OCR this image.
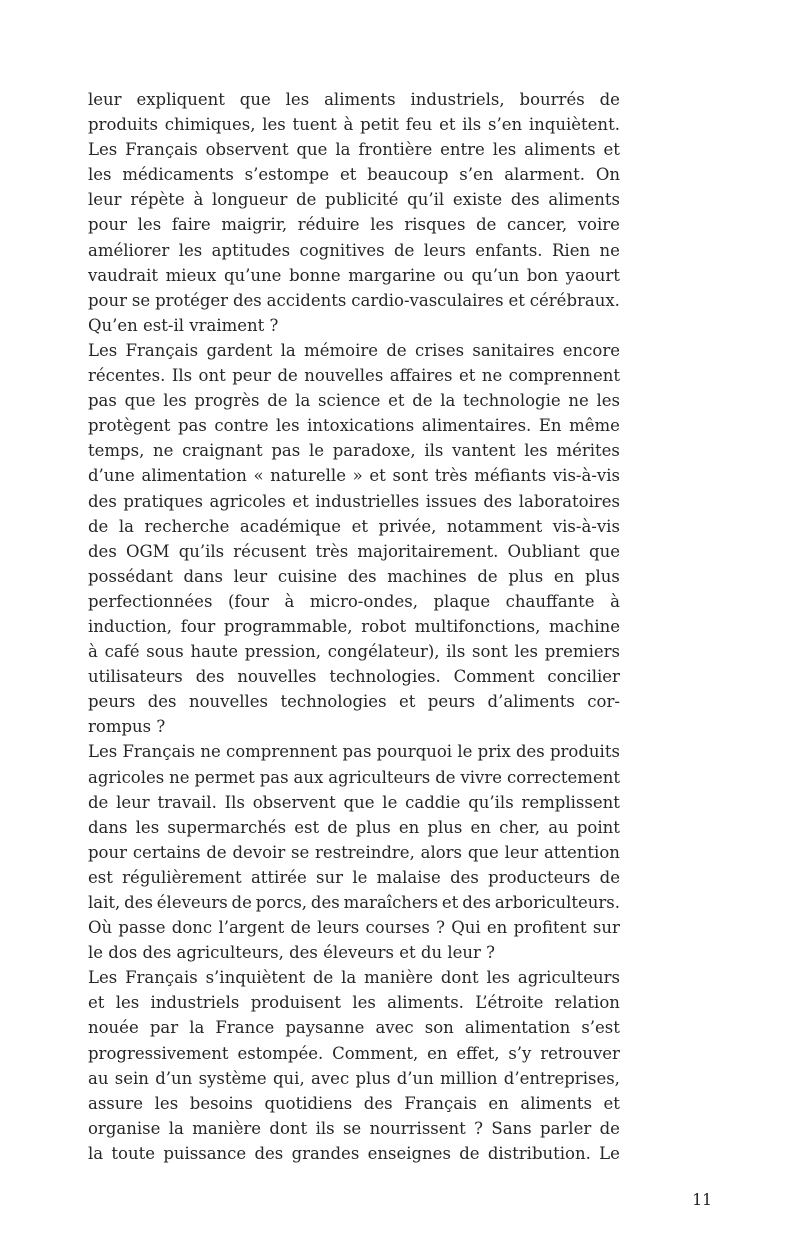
leur expliquent que les aliments industriels, bourrés de
produits chimiques, les tuent à petit feu et ils s’en inquiètent.
Les Français observent que la frontière entre les aliments et
les médicaments s’estompe et beaucoup s’en alarment. On
leur répète à longueur de publicité qu’il existe des aliments
pour les faire maigrir, réduire les risques de cancer, voire
améliorer les aptitudes cognitives de leurs enfants. Rien ne
vaudrait mieux qu’une bonne margarine ou qu’un bon yaourt
pour se protéger des accidents cardio-vasculaires et cérébraux.
Qu’en est-il vraiment ?
Les Français gardent la mémoire de crises sanitaires encore
récentes. Ils ont peur de nouvelles affaires et ne comprennent
pas que les progrès de la science et de la technologie ne les
protègent pas contre les intoxications alimentaires. En même
temps, ne craignant pas le paradoxe, ils vantent les mérites
d’une alimentation « naturelle » et sont très méfiants vis-à-vis
des pratiques agricoles et industrielles issues des laboratoires
de la recherche académique et privée, notamment vis-à-vis
des OGM qu’ils récusent très majoritairement. Oubliant que
possédant dans leur cuisine des machines de plus en plus
perfectionnées (four à micro-ondes, plaque chauffante à
induction, four programmable, robot multifonctions, machine
à café sous haute pression, congélateur), ils sont les premiers
utilisateurs des nouvelles technologies. Comment concilier
peurs des nouvelles technologies et peurs d’aliments cor-
rompus ?
Les Français ne comprennent pas pourquoi le prix des produits
agricoles ne permet pas aux agriculteurs de vivre correctement
de leur travail. Ils observent que le caddie qu’ils remplissent
dans les supermarchés est de plus en plus en cher, au point
pour certains de devoir se restreindre, alors que leur attention
est régulièrement attirée sur le malaise des producteurs de
lait, des éleveurs de porcs, des maraîchers et des arboriculteurs.
Où passe donc l’argent de leurs courses ? Qui en profitent sur
le dos des agriculteurs, des éleveurs et du leur ?
Les Français s’inquiètent de la manière dont les agriculteurs
et les industriels produisent les aliments. L’étroite relation
nouée par la France paysanne avec son alimentation s’est
progressivement estompée. Comment, en effet, s’y retrouver
au sein d’un système qui, avec plus d’un million d’entreprises,
assure les besoins quotidiens des Français en aliments et
organise la manière dont ils se nourrissent ? Sans parler de
la toute puissance des grandes enseignes de distribution. Le
11
